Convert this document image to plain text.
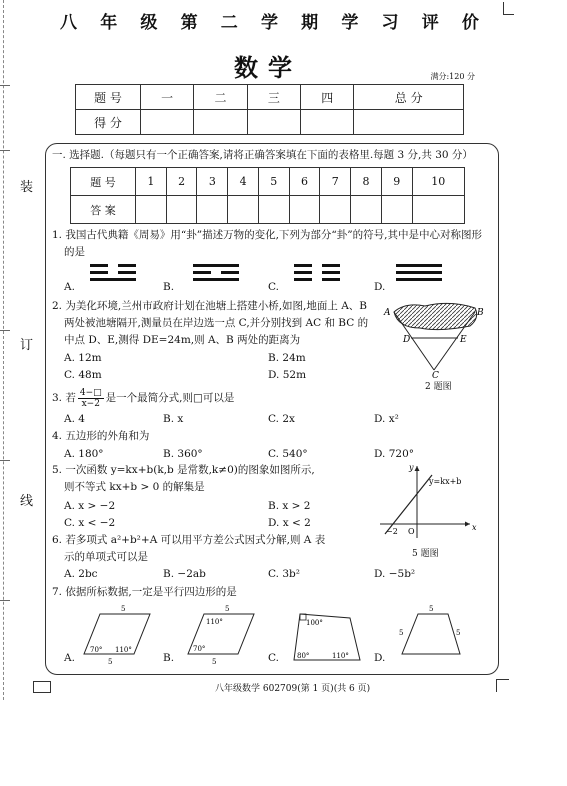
装
订
线
八 年 级 第 二 学 期 学 习 评 价
数学	满分:120 分
题 号	一	二	三	四	总 分
得 分					
一. 选择题.（每题只有一个正确答案,请将正确答案填在下面的表格里.每题 3 分,共 30 分）
题 号	1	2	3	4	5	6	7	8	9	10
答 案										
1. 我国古代典籍《周易》用“卦”描述万物的变化,下列为部分“卦”的符号,其中是中心对称图形
的是
A.	B.	C.	D.
2. 为美化环境,兰州市政府计划在池塘上搭建小桥,如图,地面上 A、B
两处被池塘隔开,测量员在岸边选一点 C,并分别找到 AC 和 BC 的
中点 D、E,测得 DE=24m,则 A、B 两处的距离为
A. 12m	B. 24m
C. 48m	D. 52m
A	B
C
D	E
2 题图
3. 若 $\frac{4-□}{x-2}$ 是一个最简分式,则□可以是
A. 4	B. x	C. 2x	D. x²
4. 五边形的外角和为
A. 180°	B. 360°	C. 540°	D. 720°
5. 一次函数 y=kx+b(k,b 是常数,k≠0)的图象如图所示,
则不等式 kx+b > 0 的解集是
A. x > −2	B. x > 2
C. x < −2	D. x < 2	x
y
O
−2
y=kx+b
5 题图
6. 若多项式 a²+b²+A 可以用平方差公式因式分解,则 A 表
示的单项式可以是
A. 2bc	B. −2ab	C. 3b²	D. −5b²
7. 依据所标数据,一定是平行四边形的是
A.	B.	C.	D.
5
70° 110°
5
5
110°
70°
5
100°
80°	110°
5
5	5
八年级数学 602709(第 1 页)(共 6 页)
